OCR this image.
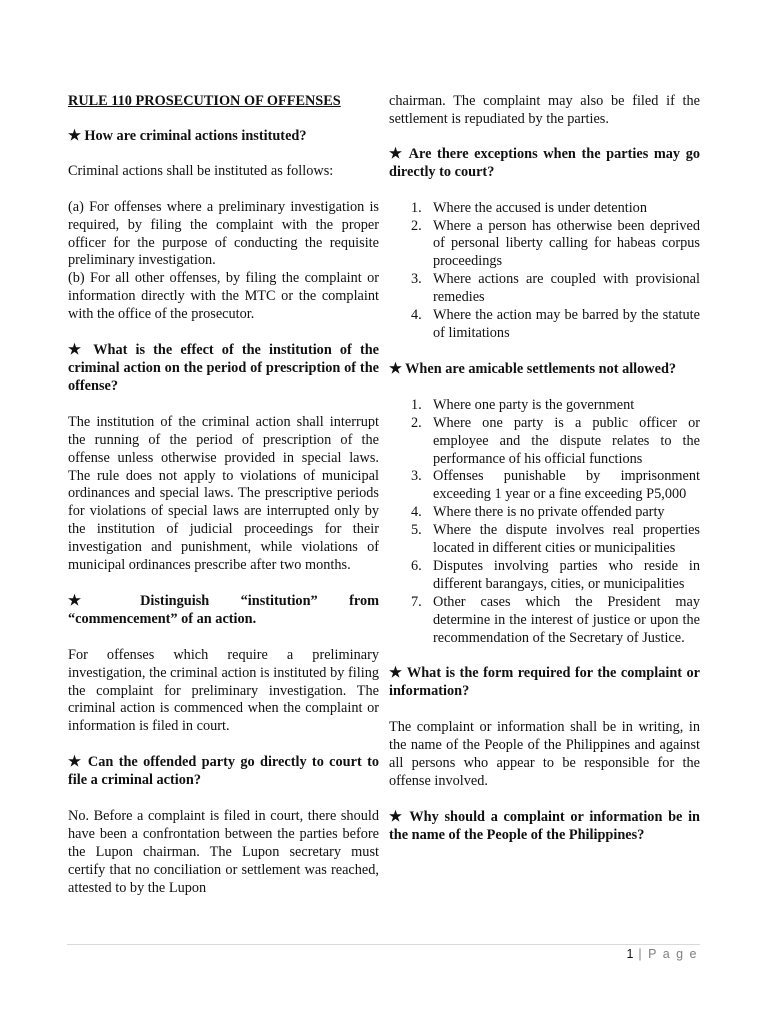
RULE 110 PROSECUTION OF OFFENSES

★ How are criminal actions instituted?

Criminal actions shall be instituted as follows:

(a) For offenses where a preliminary investigation is required, by filing the complaint with the proper officer for the purpose of conducting the requisite preliminary investigation.

(b) For all other offenses, by filing the complaint or information directly with the MTC or the complaint with the office of the prosecutor.

★ What is the effect of the institution of the criminal action on the period of prescription of the offense?

The institution of the criminal action shall interrupt the running of the period of prescription of the offense unless otherwise provided in special laws. The rule does not apply to violations of municipal ordinances and special laws. The prescriptive periods for violations of special laws are interrupted only by the institution of judicial proceedings for their investigation and punishment, while violations of municipal ordinances prescribe after two months.

★ Distinguish “institution” from “commencement” of an action.

For offenses which require a preliminary investigation, the criminal action is instituted by filing the complaint for preliminary investigation. The criminal action is commenced when the complaint or information is filed in court.

★ Can the offended party go directly to court to file a criminal action?

No. Before a complaint is filed in court, there should have been a confrontation between the parties before the Lupon chairman. The Lupon secretary must certify that no conciliation or settlement was reached, attested to by the Lupon

chairman. The complaint may also be filed if the settlement is repudiated by the parties.

★ Are there exceptions when the parties may go directly to court?

1. Where the accused is under detention
2. Where a person has otherwise been deprived of personal liberty calling for habeas corpus proceedings
3. Where actions are coupled with provisional remedies
4. Where the action may be barred by the statute of limitations

★ When are amicable settlements not allowed?

1. Where one party is the government
2. Where one party is a public officer or employee and the dispute relates to the performance of his official functions
3. Offenses punishable by imprisonment exceeding 1 year or a fine exceeding P5,000
4. Where there is no private offended party
5. Where the dispute involves real properties located in different cities or municipalities
6. Disputes involving parties who reside in different barangays, cities, or municipalities
7. Other cases which the President may determine in the interest of justice or upon the recommendation of the Secretary of Justice.

★ What is the form required for the complaint or information?

The complaint or information shall be in writing, in the name of the People of the Philippines and against all persons who appear to be responsible for the offense involved.

★ Why should a complaint or information be in the name of the People of the Philippines?

1 | P a g e
